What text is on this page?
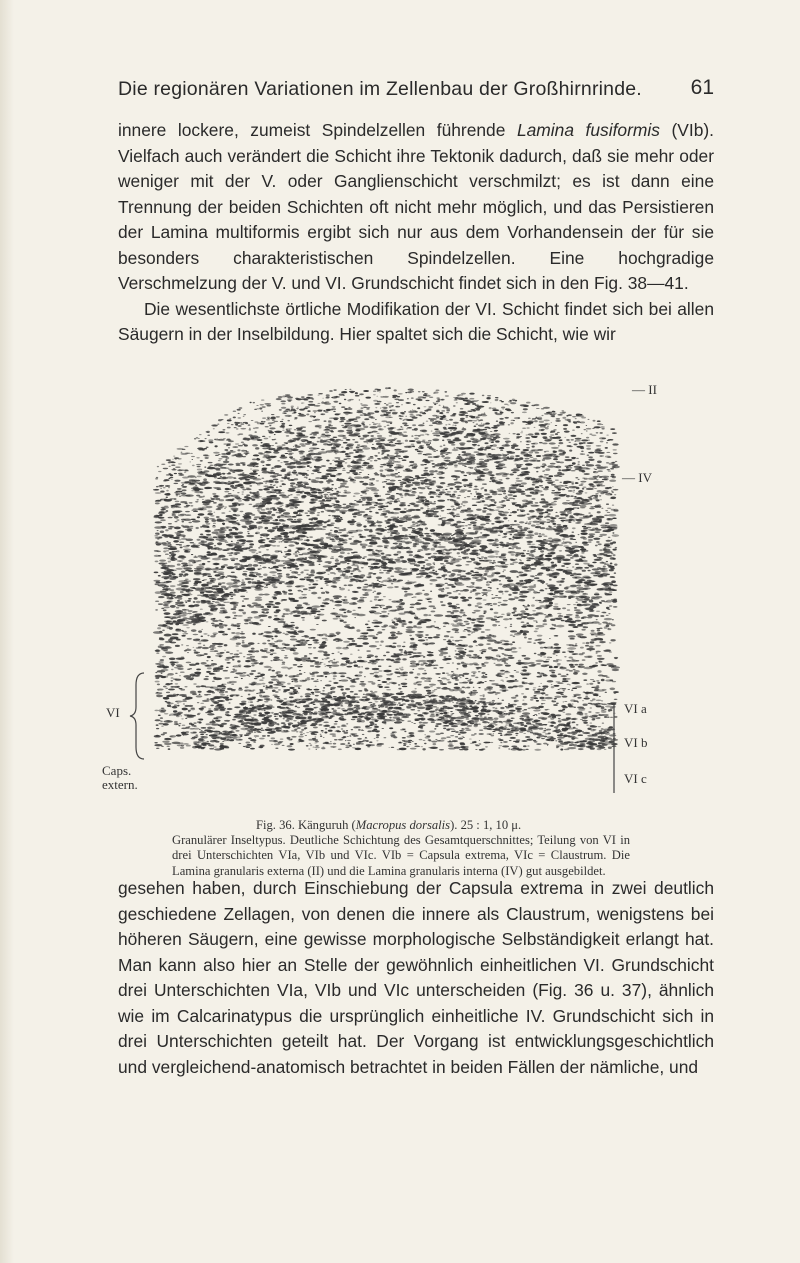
Die regionären Variationen im Zellenbau der Großhirnrinde. 61

innere lockere, zumeist Spindelzellen führende Lamina fusiformis (VIb). Vielfach auch verändert die Schicht ihre Tektonik dadurch, daß sie mehr oder weniger mit der V. oder Ganglienschicht verschmilzt; es ist dann eine Trennung der beiden Schichten oft nicht mehr möglich, und das Persistieren der Lamina multiformis ergibt sich nur aus dem Vorhandensein der für sie besonders charakteristischen Spindelzellen. Eine hochgradige Verschmelzung der V. und VI. Grundschicht findet sich in den Fig. 38—41.

Die wesentlichste örtliche Modifikation der VI. Schicht findet sich bei allen Säugern in der Inselbildung. Hier spaltet sich die Schicht, wie wir

— II
— IV
VI
Caps.
extern.
VI a
VI b
VI c

Fig. 36. Känguruh (Macropus dorsalis). 25 : 1, 10 μ.

Granulärer Inseltypus. Deutliche Schichtung des Gesamtquerschnittes; Teilung von VI in drei Unterschichten VIa, VIb und VIc. VIb = Capsula extrema, VIc = Claustrum. Die Lamina granularis externa (II) und die Lamina granularis interna (IV) gut ausgebildet.

gesehen haben, durch Einschiebung der Capsula extrema in zwei deutlich geschiedene Zellagen, von denen die innere als Claustrum, wenigstens bei höheren Säugern, eine gewisse morphologische Selbständigkeit erlangt hat. Man kann also hier an Stelle der gewöhnlich einheitlichen VI. Grundschicht drei Unterschichten VIa, VIb und VIc unterscheiden (Fig. 36 u. 37), ähnlich wie im Calcarinatypus die ursprünglich einheitliche IV. Grundschicht sich in drei Unterschichten geteilt hat. Der Vorgang ist entwicklungsgeschichtlich und vergleichend-anatomisch betrachtet in beiden Fällen der nämliche, und
